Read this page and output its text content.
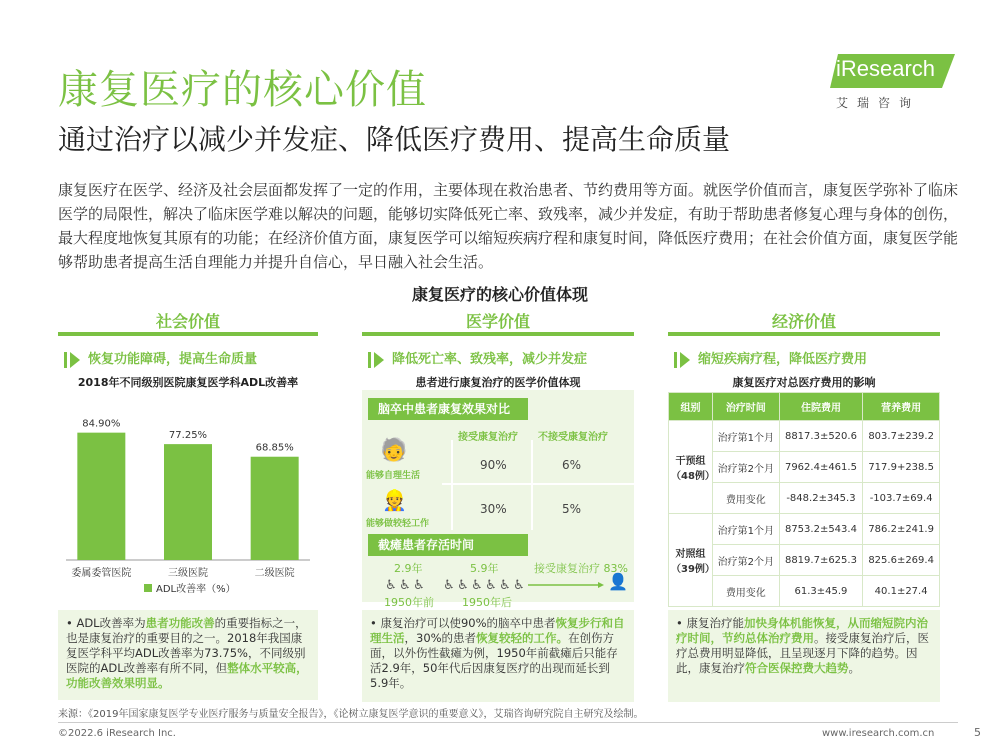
康复医疗的核心价值
通过治疗以减少并发症、降低医疗费用、提高生命质量
iResearch
艾瑞咨询
康复医疗在医学、经济及社会层面都发挥了一定的作用，主要体现在救治患者、节约费用等方面。就医学价值而言，康复医学弥补了临床医学的局限性，解决了临床医学难以解决的问题，能够切实降低死亡率、致残率，减少并发症，有助于帮助患者修复心理与身体的创伤，最大程度地恢复其原有的功能；在经济价值方面，康复医学可以缩短疾病疗程和康复时间，降低医疗费用；在社会价值方面，康复医学能够帮助患者提高生活自理能力并提升自信心，早日融入社会生活。
康复医疗的核心价值体现
社会价值
恢复功能障碍，提高生命质量
2018年不同级别医院康复医学科ADL改善率
84.90%
委属委管医院
77.25%
三级医院
68.85%
二级医院
ADL改善率（%）
• ADL改善率为患者功能改善的重要指标之一，也是康复治疗的重要目的之一。2018年我国康复医学科平均ADL改善率为73.75%，不同级别医院的ADL改善率有所不同，但整体水平较高，功能改善效果明显。
医学价值
降低死亡率、致残率，减少并发症
患者进行康复治疗的医学价值体现
脑卒中患者康复效果对比
接受康复治疗 不接受康复治疗
🧓
能够自理生活
90%	6%
👷
能够做较轻工作
30%	5%
截瘫患者存活时间
2.9年	5.9年	接受康复治疗 83%
♿ ♿ ♿ ♿ ♿ ♿ ♿ ♿ ♿	👤
1950年前	1950年后
• 康复治疗可以使90%的脑卒中患者恢复步行和自理生活，30%的患者恢复较轻的工作。在创伤方面，以外伤性截瘫为例，1950年前截瘫后只能存活2.9年，50年代后因康复医疗的出现而延长到5.9年。
经济价值
缩短疾病疗程，降低医疗费用
康复医疗对总医疗费用的影响
组别	治疗时间	住院费用	营养费用
干预组（48例）	治疗第1个月	8817.3±520.6	803.7±239.2
	治疗第2个月	7962.4±461.5	717.9+238.5
	费用变化	-848.2±345.3	-103.7±69.4
对照组（39例）	治疗第1个月	8753.2±543.4	786.2±241.9
	治疗第2个月	8819.7±625.3	825.6±269.4
	费用变化	61.3±45.9	40.1±27.4
• 康复治疗能加快身体机能恢复，从而缩短院内治疗时间，节约总体治疗费用。接受康复治疗后，医疗总费用明显降低，且呈现逐月下降的趋势。因此，康复治疗符合医保控费大趋势。
来源：《2019年国家康复医学专业医疗服务与质量安全报告》，《论树立康复医学意识的重要意义》，艾瑞咨询研究院自主研究及绘制。
©2022.6 iResearch Inc.	www.iresearch.com.cn	5
